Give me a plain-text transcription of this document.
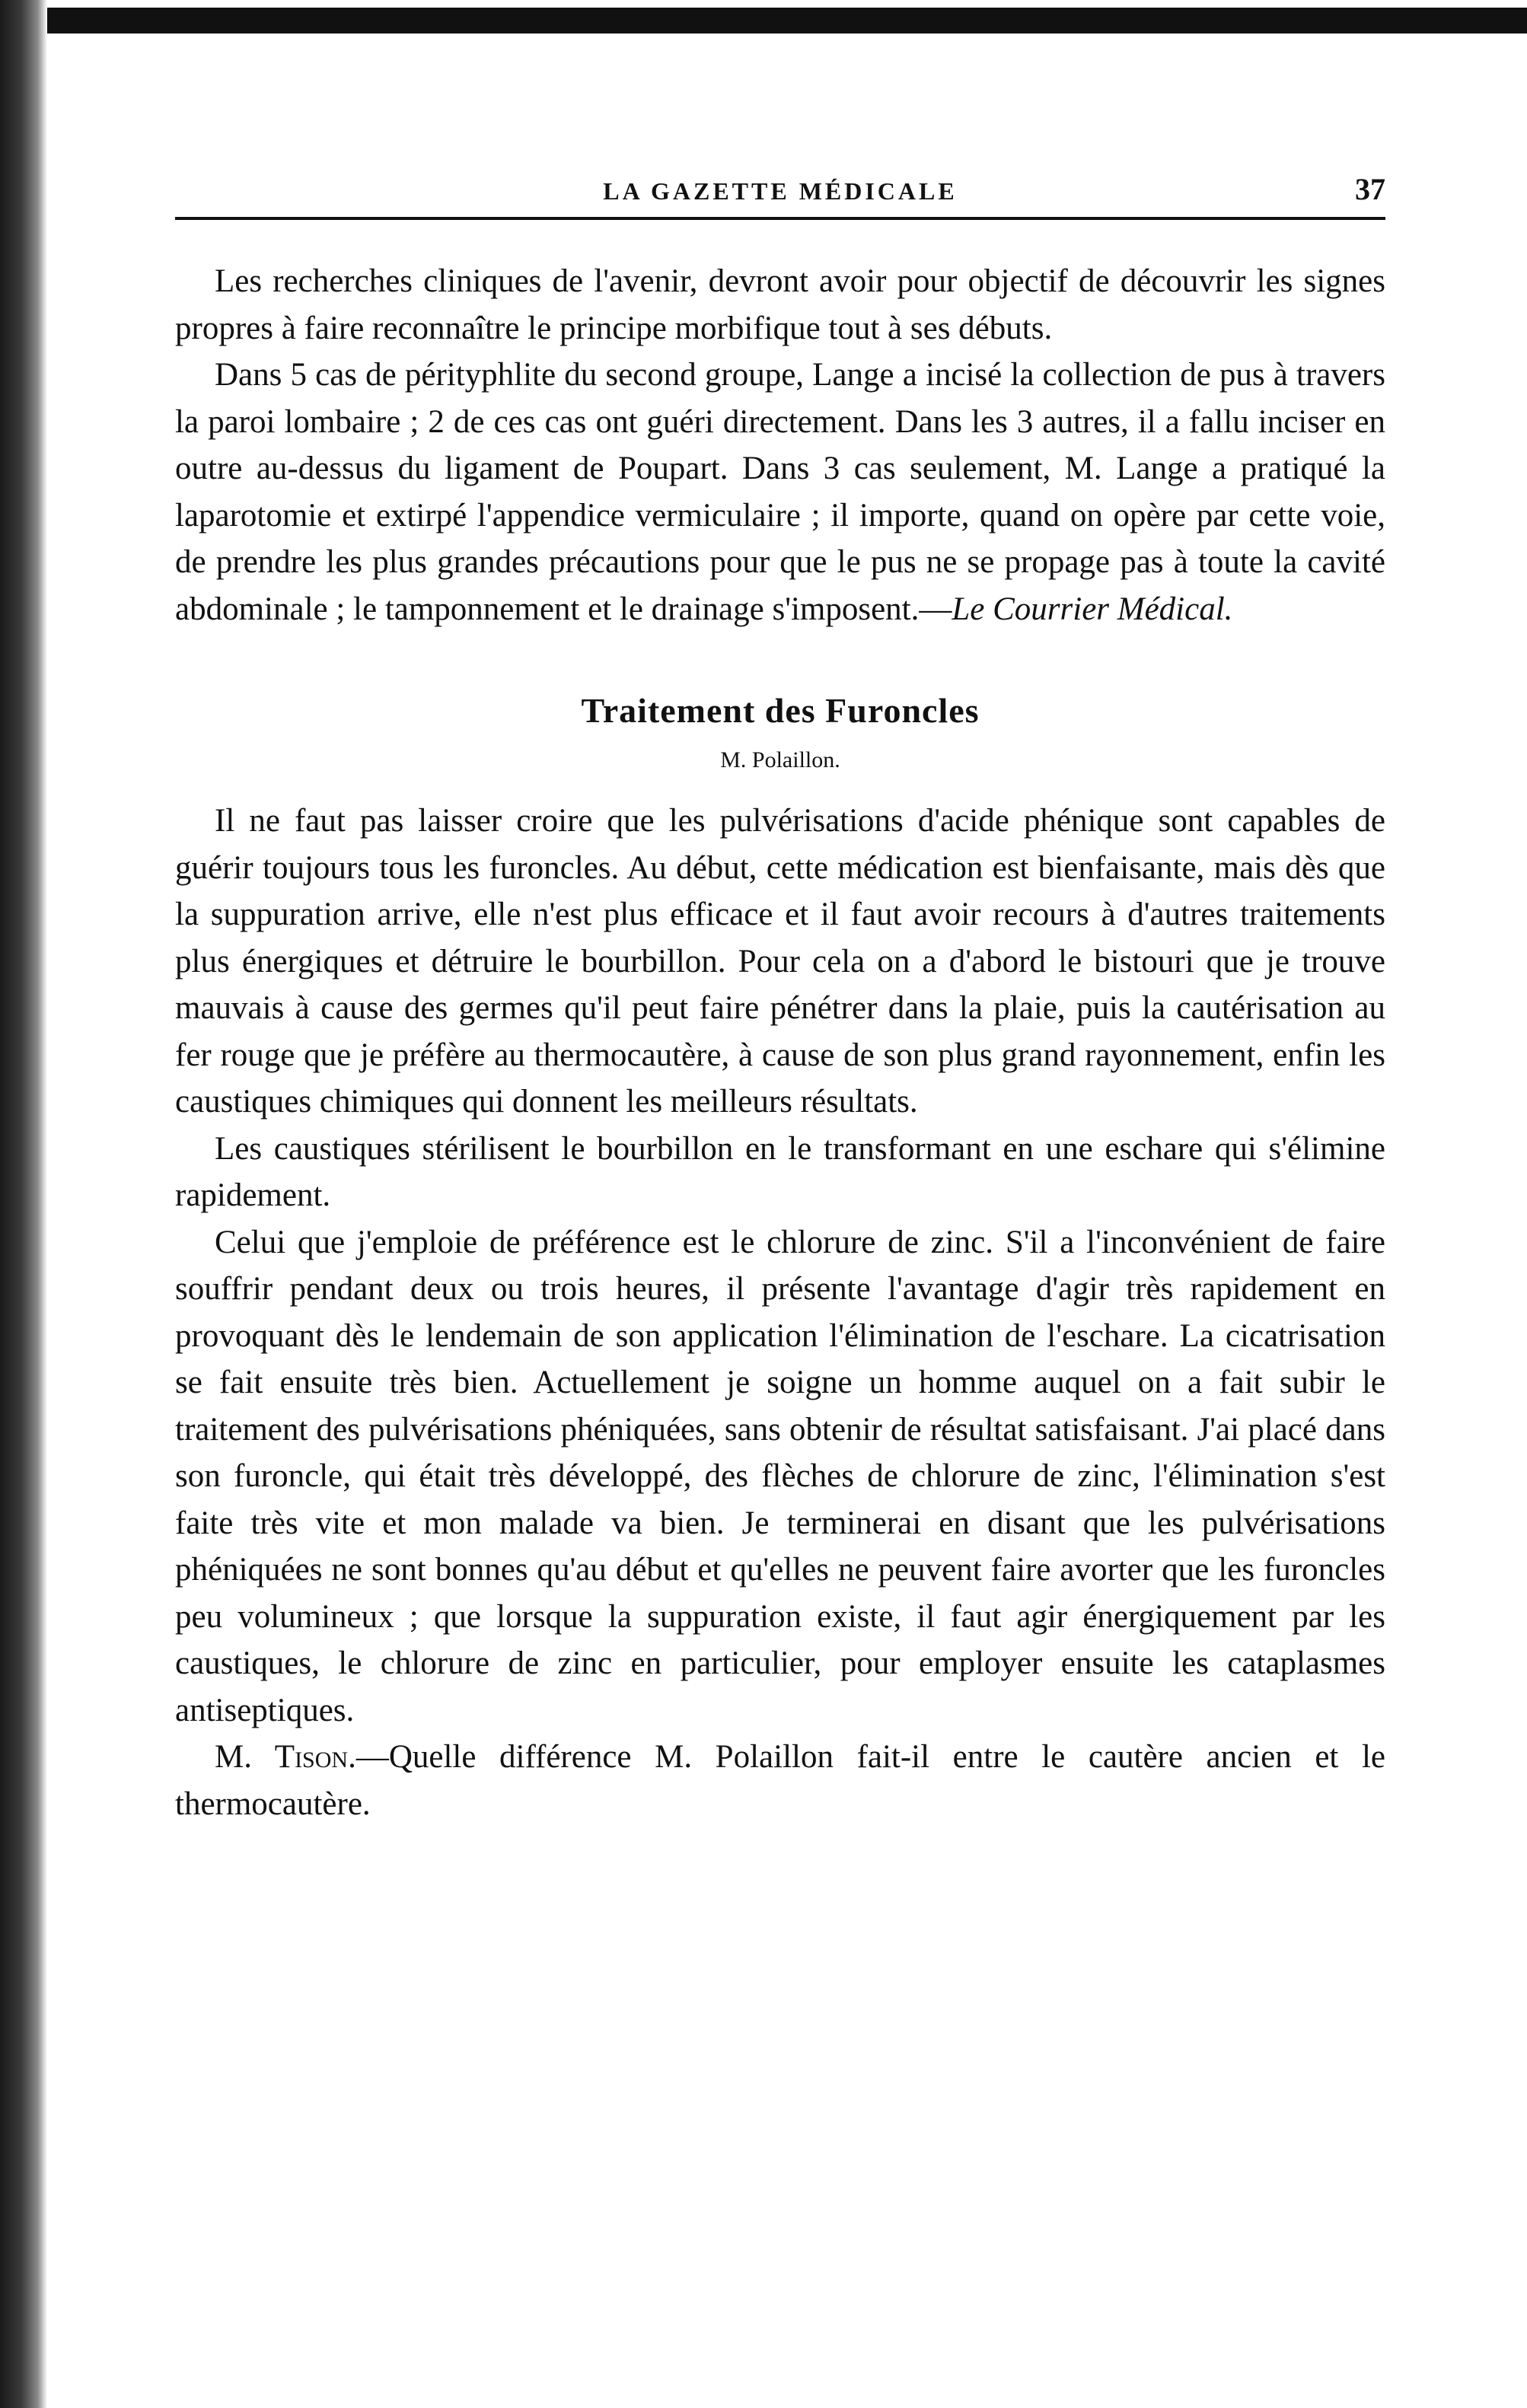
LA GAZETTE MÉDICALE	37

Les recherches cliniques de l'avenir, devront avoir pour objectif de découvrir les signes propres à faire reconnaître le principe morbifique tout à ses débuts.

Dans 5 cas de pérityphlite du second groupe, Lange a incisé la collection de pus à travers la paroi lombaire ; 2 de ces cas ont guéri directement. Dans les 3 autres, il a fallu inciser en outre au-dessus du ligament de Poupart. Dans 3 cas seulement, M. Lange a pratiqué la laparotomie et extirpé l'appendice vermiculaire ; il importe, quand on opère par cette voie, de prendre les plus grandes précautions pour que le pus ne se propage pas à toute la cavité abdominale ; le tamponnement et le drainage s'imposent.—Le Courrier Médical.

Traitement des Furoncles
M. Polaillon.

Il ne faut pas laisser croire que les pulvérisations d'acide phénique sont capables de guérir toujours tous les furoncles. Au début, cette médication est bienfaisante, mais dès que la suppuration arrive, elle n'est plus efficace et il faut avoir recours à d'autres traitements plus énergiques et détruire le bourbillon. Pour cela on a d'abord le bistouri que je trouve mauvais à cause des germes qu'il peut faire pénétrer dans la plaie, puis la cautérisation au fer rouge que je préfère au thermocautère, à cause de son plus grand rayonnement, enfin les caustiques chimiques qui donnent les meilleurs résultats.

Les caustiques stérilisent le bourbillon en le transformant en une eschare qui s'élimine rapidement.

Celui que j'emploie de préférence est le chlorure de zinc. S'il a l'inconvénient de faire souffrir pendant deux ou trois heures, il présente l'avantage d'agir très rapidement en provoquant dès le lendemain de son application l'élimination de l'eschare. La cicatrisation se fait ensuite très bien. Actuellement je soigne un homme auquel on a fait subir le traitement des pulvérisations phéniquées, sans obtenir de résultat satisfaisant. J'ai placé dans son furoncle, qui était très développé, des flèches de chlorure de zinc, l'élimination s'est faite très vite et mon malade va bien. Je terminerai en disant que les pulvérisations phéniquées ne sont bonnes qu'au début et qu'elles ne peuvent faire avorter que les furoncles peu volumineux ; que lorsque la suppuration existe, il faut agir énergiquement par les caustiques, le chlorure de zinc en particulier, pour employer ensuite les cataplasmes antiseptiques.

M. Tison.—Quelle différence M. Polaillon fait-il entre le cautère ancien et le thermocautère.
